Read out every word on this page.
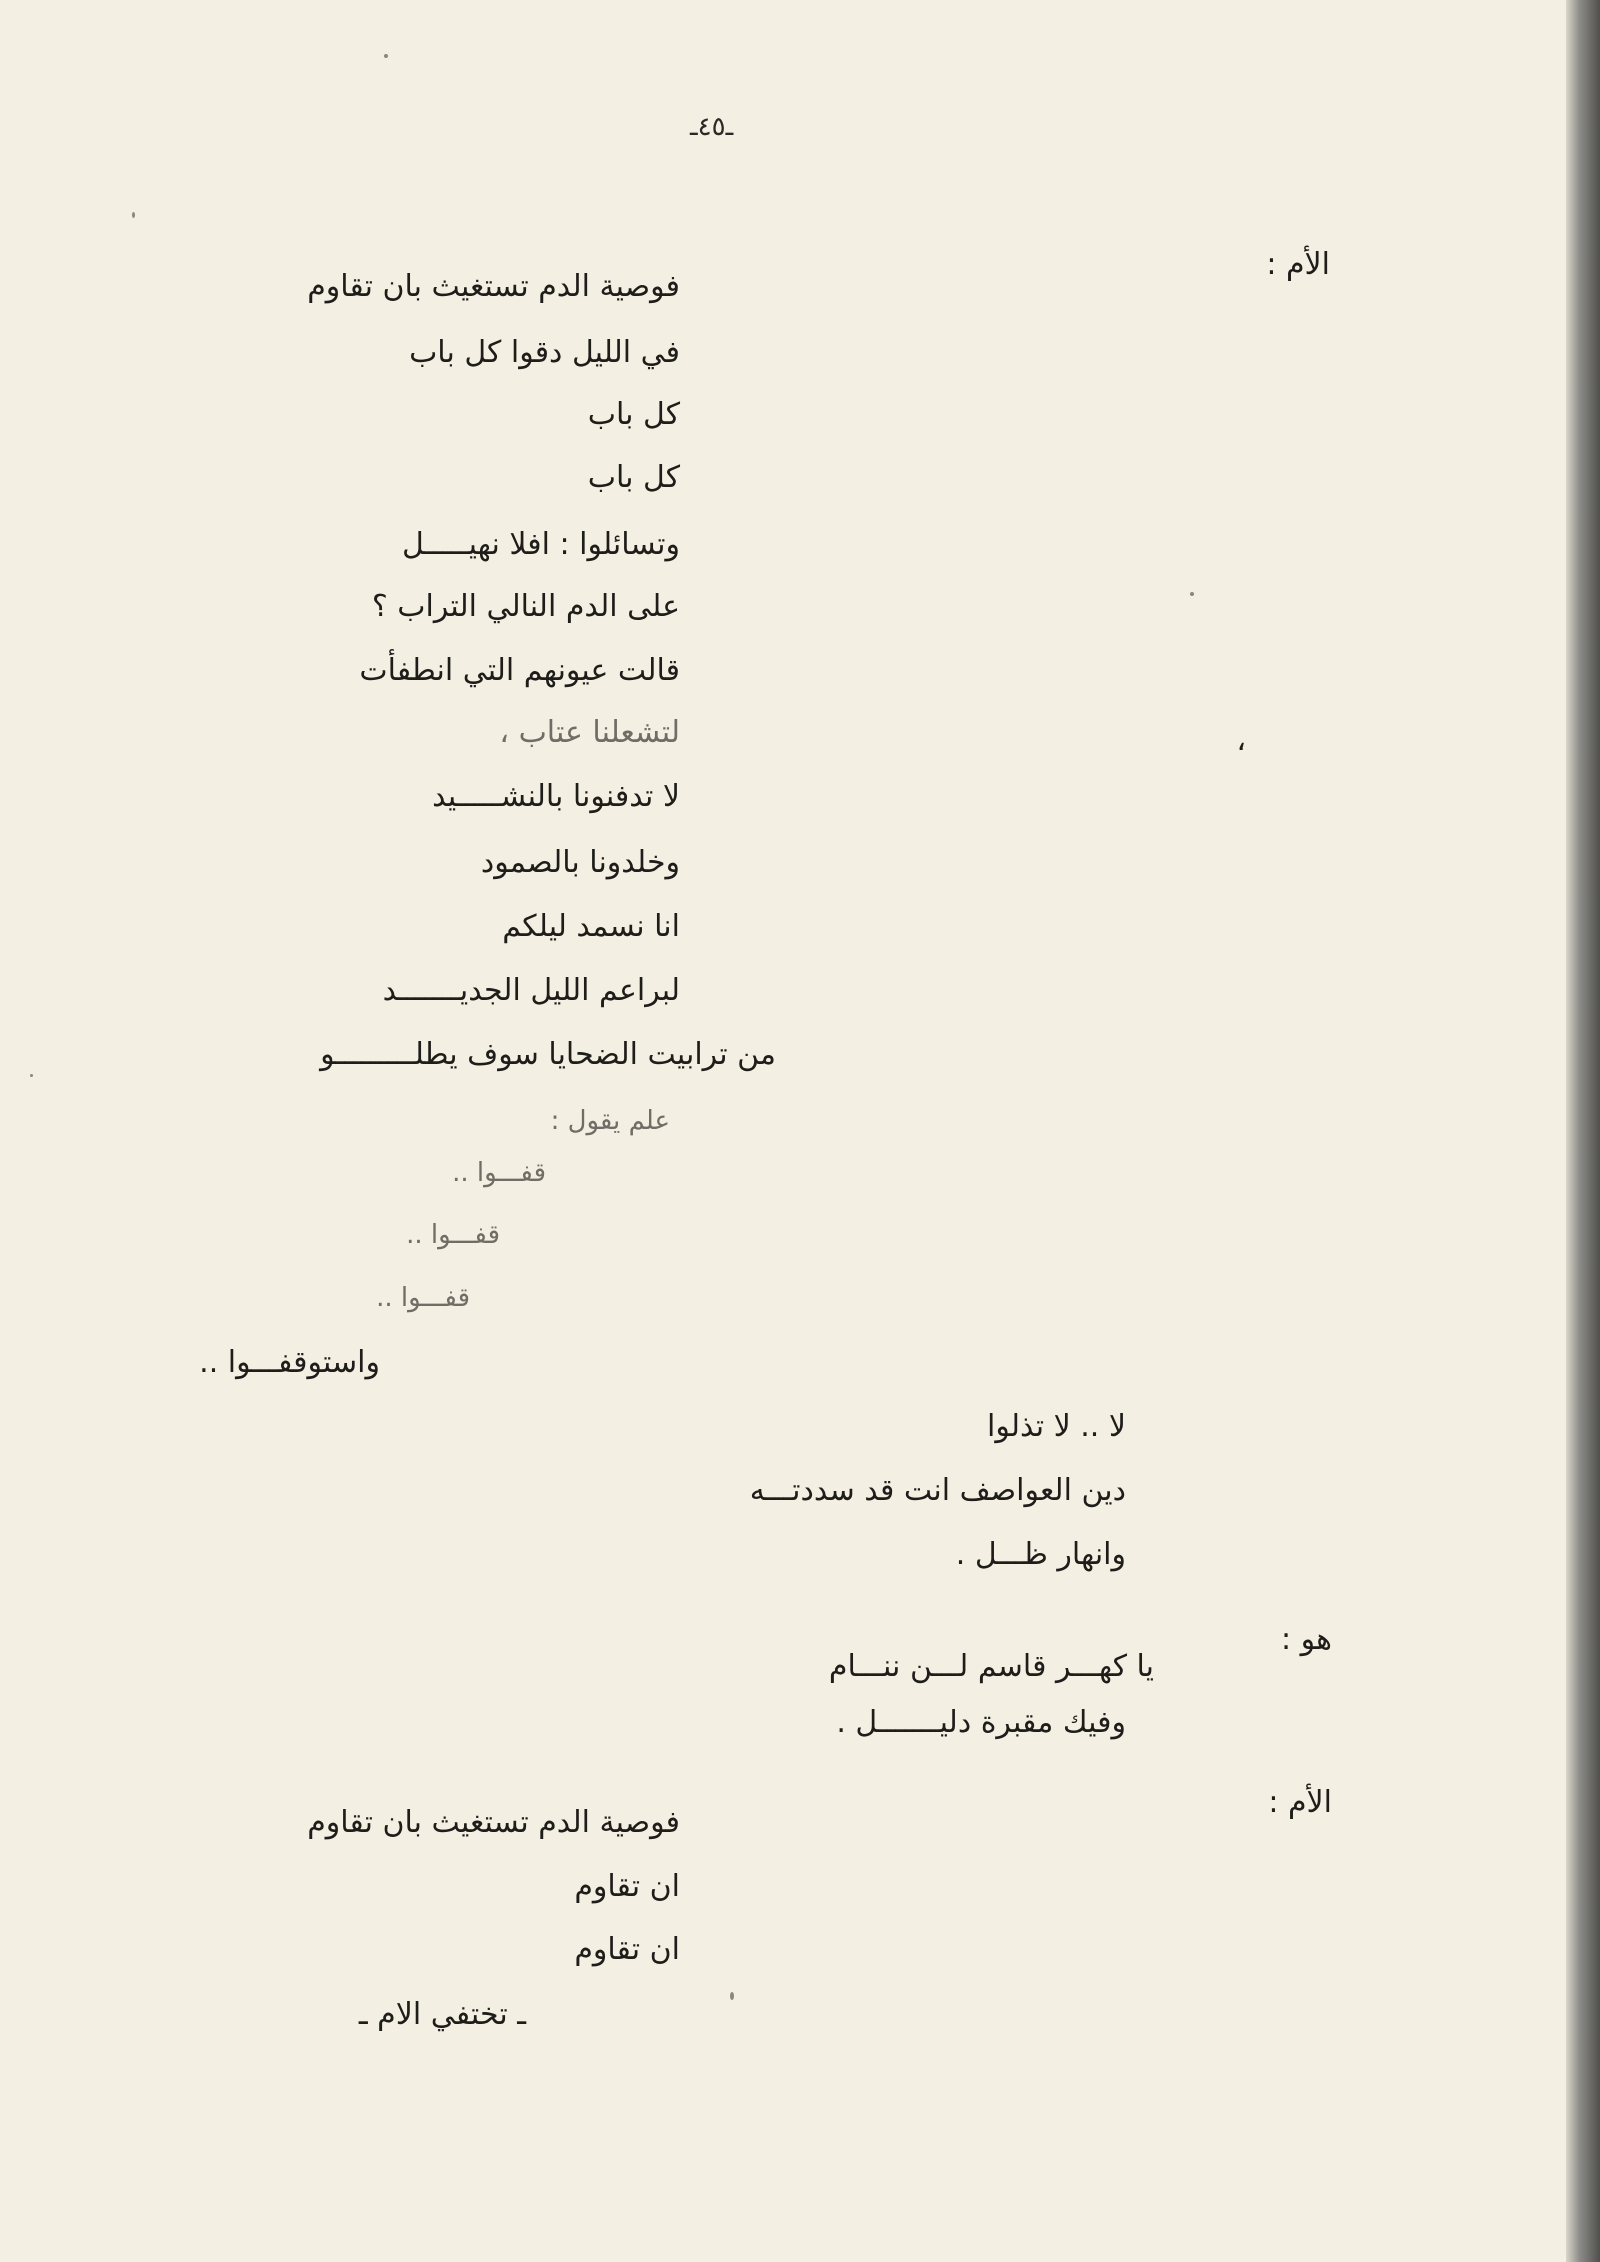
ـ٤٥ـ
الأم :
،
هو :
الأم :
فوصية الدم تستغيث بان تقاوم
في الليل دقوا كل باب
كل باب
كل باب
وتسائلوا : افلا نهيـــــل
على الدم النالي التراب ؟
قالت عيونهم التي انطفأت
لتشعلنا عتاب ،
لا تدفنونا بالنشـــــيد
وخلدونا بالصمود
انا نسمد ليلكم
لبراعم الليل الجديـــــــد
من ترابيت الضحايا سوف يطلـــــــــو
علم يقول :
قفـــوا ..
قفـــوا ..
قفـــوا ..
واستوقفـــوا ..
لا .. لا تذلوا
دين العواصف انت قد سددتـــه
وانهار ظـــل .
يا كهـــر قاسم لـــن ننـــام
وفيك مقبرة دليـــــــل .
فوصية الدم تستغيث بان تقاوم
ان تقاوم
ان تقاوم
ـ تختفي الام ـ
